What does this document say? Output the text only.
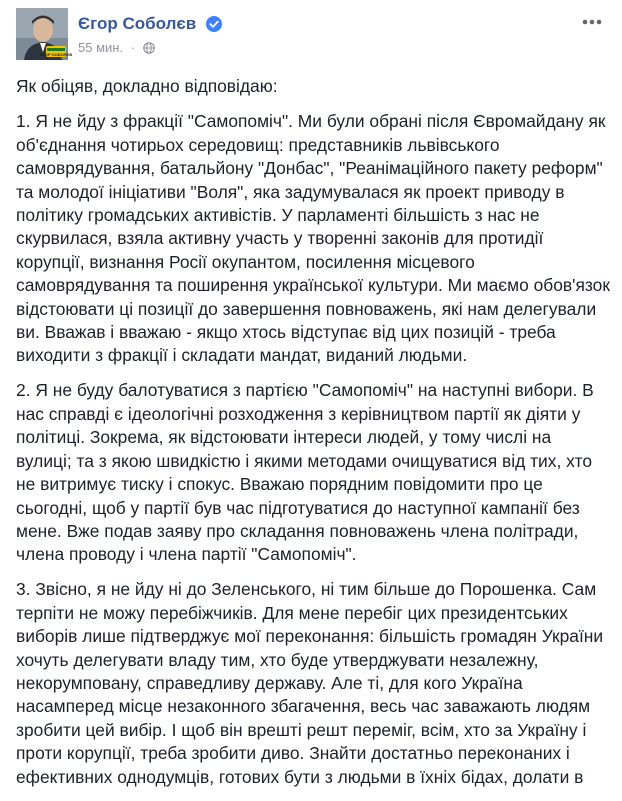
ЄГОР СОБОЛЄВ
Єгор Соболєв
55 мин. ·

Як обіцяв, докладно відповідаю:

1. Я не йду з фракції "Самопоміч". Ми були обрані після Євромайдану як об'єднання чотирьох середовищ: представників львівського самоврядування, батальйону "Донбас", "Реанімаційного пакету реформ" та молодої ініціативи "Воля", яка задумувалася як проект приводу в політику громадських активістів. У парламенті більшість з нас не скурвилася, взяла активну участь у творенні законів для протидії корупції, визнання Росії окупантом, посилення місцевого самоврядування та поширення української культури. Ми маємо обов'язок відстоювати ці позиції до завершення повноважень, які нам делегували ви. Вважав і вважаю - якщо хтось відступає від цих позицій - треба виходити з фракції і складати мандат, виданий людьми.

2. Я не буду балотуватися з партією "Самопоміч" на наступні вибори. В нас справді є ідеологічні розходження з керівництвом партії як діяти у політиці. Зокрема, як відстоювати інтереси людей, у тому числі на вулиці; та з якою швидкістю і якими методами очищуватися від тих, хто не витримує тиску і спокус. Вважаю порядним повідомити про це сьогодні, щоб у партії був час підготуватися до наступної кампанії без мене. Вже подав заяву про складання повноважень члена політради, члена проводу і члена партії "Самопоміч".

3. Звісно, я не йду ні до Зеленського, ні тим більше до Порошенка. Сам терпіти не можу перебіжчиків. Для мене перебіг цих президентських виборів лише підтверджує мої переконання: більшість громадян України хочуть делегувати владу тим, хто буде утверджувати незалежну, некорумповану, справедливу державу. Але ті, для кого Україна насамперед місце незаконного збагачення, весь час заважають людям зробити цей вибір. І щоб він врешті решт переміг, всім, хто за Україну і проти корупції, треба зробити диво. Знайти достатньо переконаних і ефективних однодумців, готових бути з людьми в їхніх бідах, долати в
